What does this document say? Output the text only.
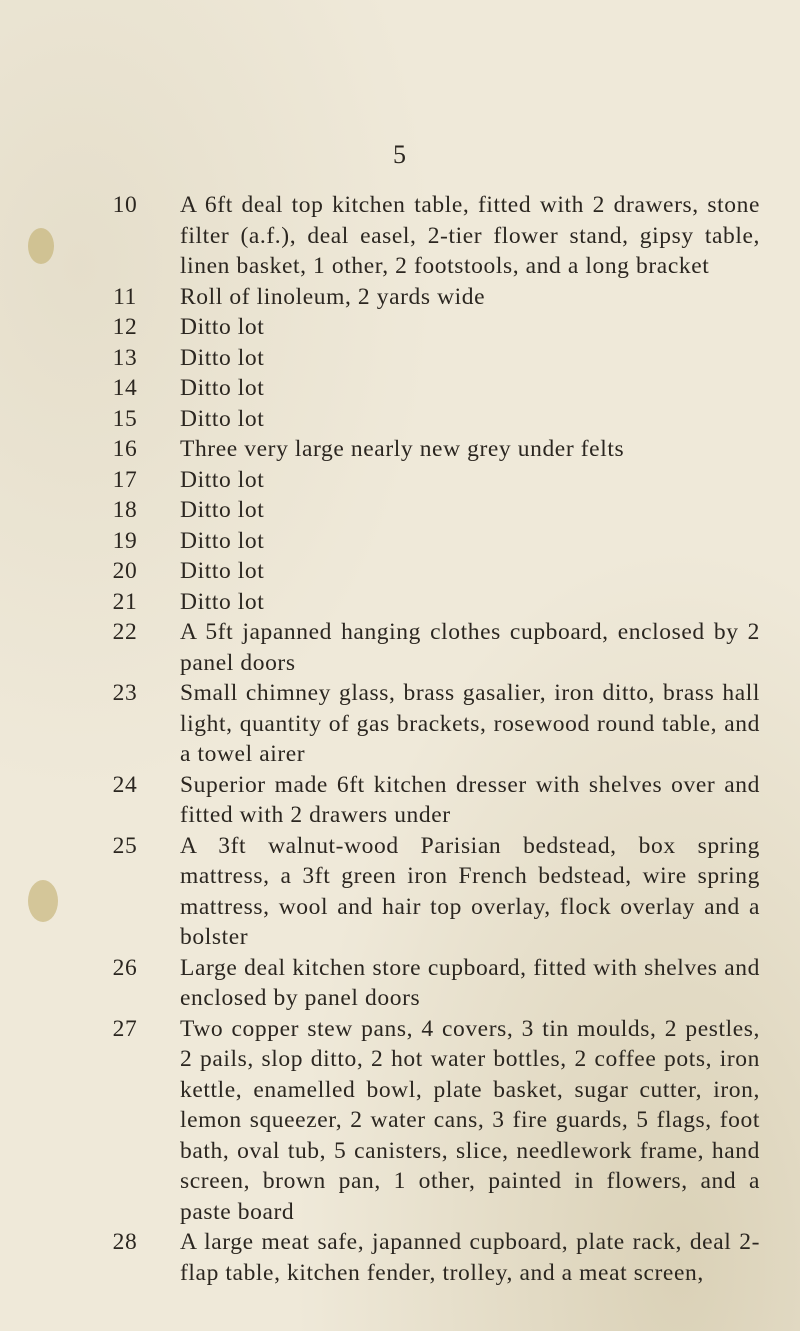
5
10	A 6ft deal top kitchen table, fitted with 2 drawers, stone filter (a.f.), deal easel, 2-tier flower stand, gipsy table, linen basket, 1 other, 2 footstools, and a long bracket
11	Roll of linoleum, 2 yards wide
12	Ditto lot
13	Ditto lot
14	Ditto lot
15	Ditto lot
16	Three very large nearly new grey under felts
17	Ditto lot
18	Ditto lot
19	Ditto lot
20	Ditto lot
21	Ditto lot
22	A 5ft japanned hanging clothes cupboard, enclosed by 2 panel doors
23	Small chimney glass, brass gasalier, iron ditto, brass hall light, quantity of gas brackets, rosewood round table, and a towel airer
24	Superior made 6ft kitchen dresser with shelves over and fitted with 2 drawers under
25	A 3ft walnut-wood Parisian bedstead, box spring mattress, a 3ft green iron French bedstead, wire spring mattress, wool and hair top overlay, flock overlay and a bolster
26	Large deal kitchen store cupboard, fitted with shelves and enclosed by panel doors
27	Two copper stew pans, 4 covers, 3 tin moulds, 2 pestles, 2 pails, slop ditto, 2 hot water bottles, 2 coffee pots, iron kettle, enamelled bowl, plate basket, sugar cutter, iron, lemon squeezer, 2 water cans, 3 fire guards, 5 flags, foot bath, oval tub, 5 canisters, slice, needlework frame, hand screen, brown pan, 1 other, painted in flowers, and a paste board
28	A large meat safe, japanned cupboard, plate rack, deal 2-flap table, kitchen fender, trolley, and a meat screen,
